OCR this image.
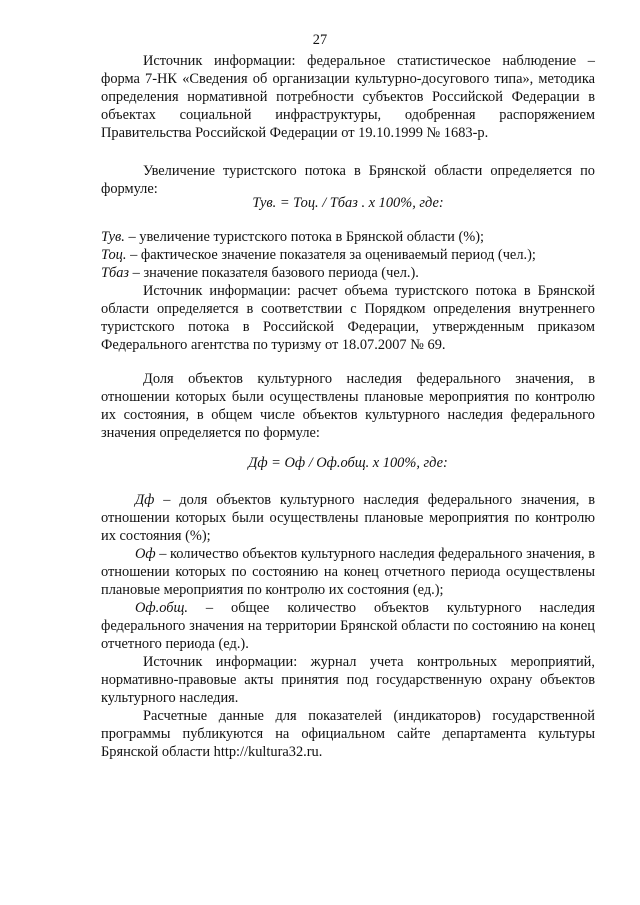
27

Источник информации: федеральное статистическое наблюдение – форма 7-НК «Сведения об организации культурно-досугового типа», методика определения нормативной потребности субъектов Российской Федерации в объектах социальной инфраструктуры, одобренная распоряжением Правительства Российской Федерации от 19.10.1999 № 1683-р.

Увеличение туристского потока в Брянской области определяется по формуле:

Тув. = Тоц. / Тбаз . х 100%, где:

Тув. – увеличение туристского потока в Брянской области (%);

Тоц. – фактическое значение показателя за оцениваемый период (чел.);

Тбаз – значение показателя базового периода (чел.).

Источник информации: расчет объема туристского потока в Брянской области определяется в соответствии с Порядком определения внутреннего туристского потока в Российской Федерации, утвержденным приказом Федерального агентства по туризму от 18.07.2007 № 69.

Доля объектов культурного наследия федерального значения, в отношении которых были осуществлены плановые мероприятия по контролю их состояния, в общем числе объектов культурного наследия федерального значения определяется по формуле:

Дф = Оф / Оф.общ. х 100%, где:

Дф – доля объектов культурного наследия федерального значения, в отношении которых были осуществлены плановые мероприятия по контролю их состояния (%);

Оф – количество объектов культурного наследия федерального значения, в отношении которых по состоянию на конец отчетного периода осуществлены плановые мероприятия по контролю их состояния (ед.);

Оф.общ. – общее количество объектов культурного наследия федерального значения на территории Брянской области по состоянию на конец отчетного периода (ед.).

Источник информации: журнал учета контрольных мероприятий, нормативно-правовые акты принятия под государственную охрану объектов культурного наследия.

Расчетные данные для показателей (индикаторов) государственной программы публикуются на официальном сайте департамента культуры Брянской области http://kultura32.ru.
